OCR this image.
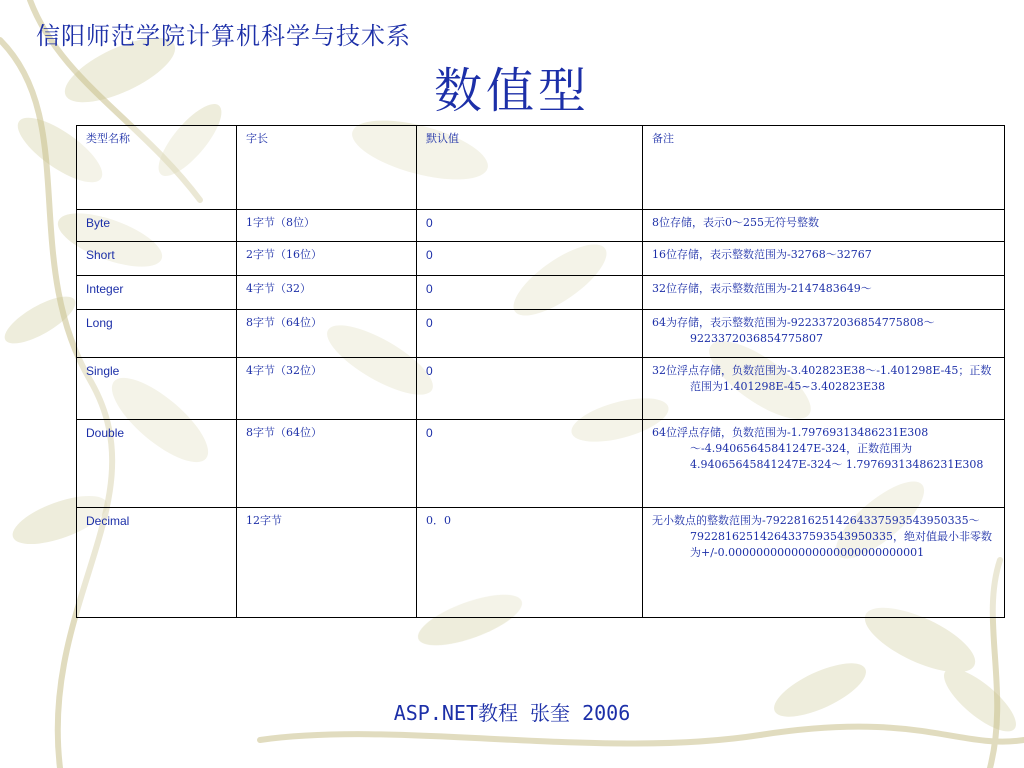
信阳师范学院计算机科学与技术系
数值型
类型名称	字长	默认值	备注
Byte	1字节（8位）	0	8位存储，表示0～255无符号整数

Short	2字节（16位）	0	16位存储，表示整数范围为-32768～32767

Integer	4字节（32）	0	32位存储，表示整数范围为-2147483649～

Long	8字节（64位）	0	64为存储，表示整数范围为-9223372036854775808～9223372036854775807

Single	4字节（32位）	0	32位浮点存储，负数范围为-3.402823E38～-1.401298E-45；正数范围为1.401298E-45~3.402823E38

Double	8字节（64位）	0	64位浮点存储，负数范围为-1.79769313486231E308～-4.94065645841247E-324，正数范围为4.94065645841247E-324～ 1.79769313486231E308

Decimal	12字节	0．0	无小数点的整数范围为-79228162514264337593543950335～79228162514264337593543950335，绝对值最小非零数为+/-0.0000000000000000000000000001
ASP.NET教程 张奎 2006
